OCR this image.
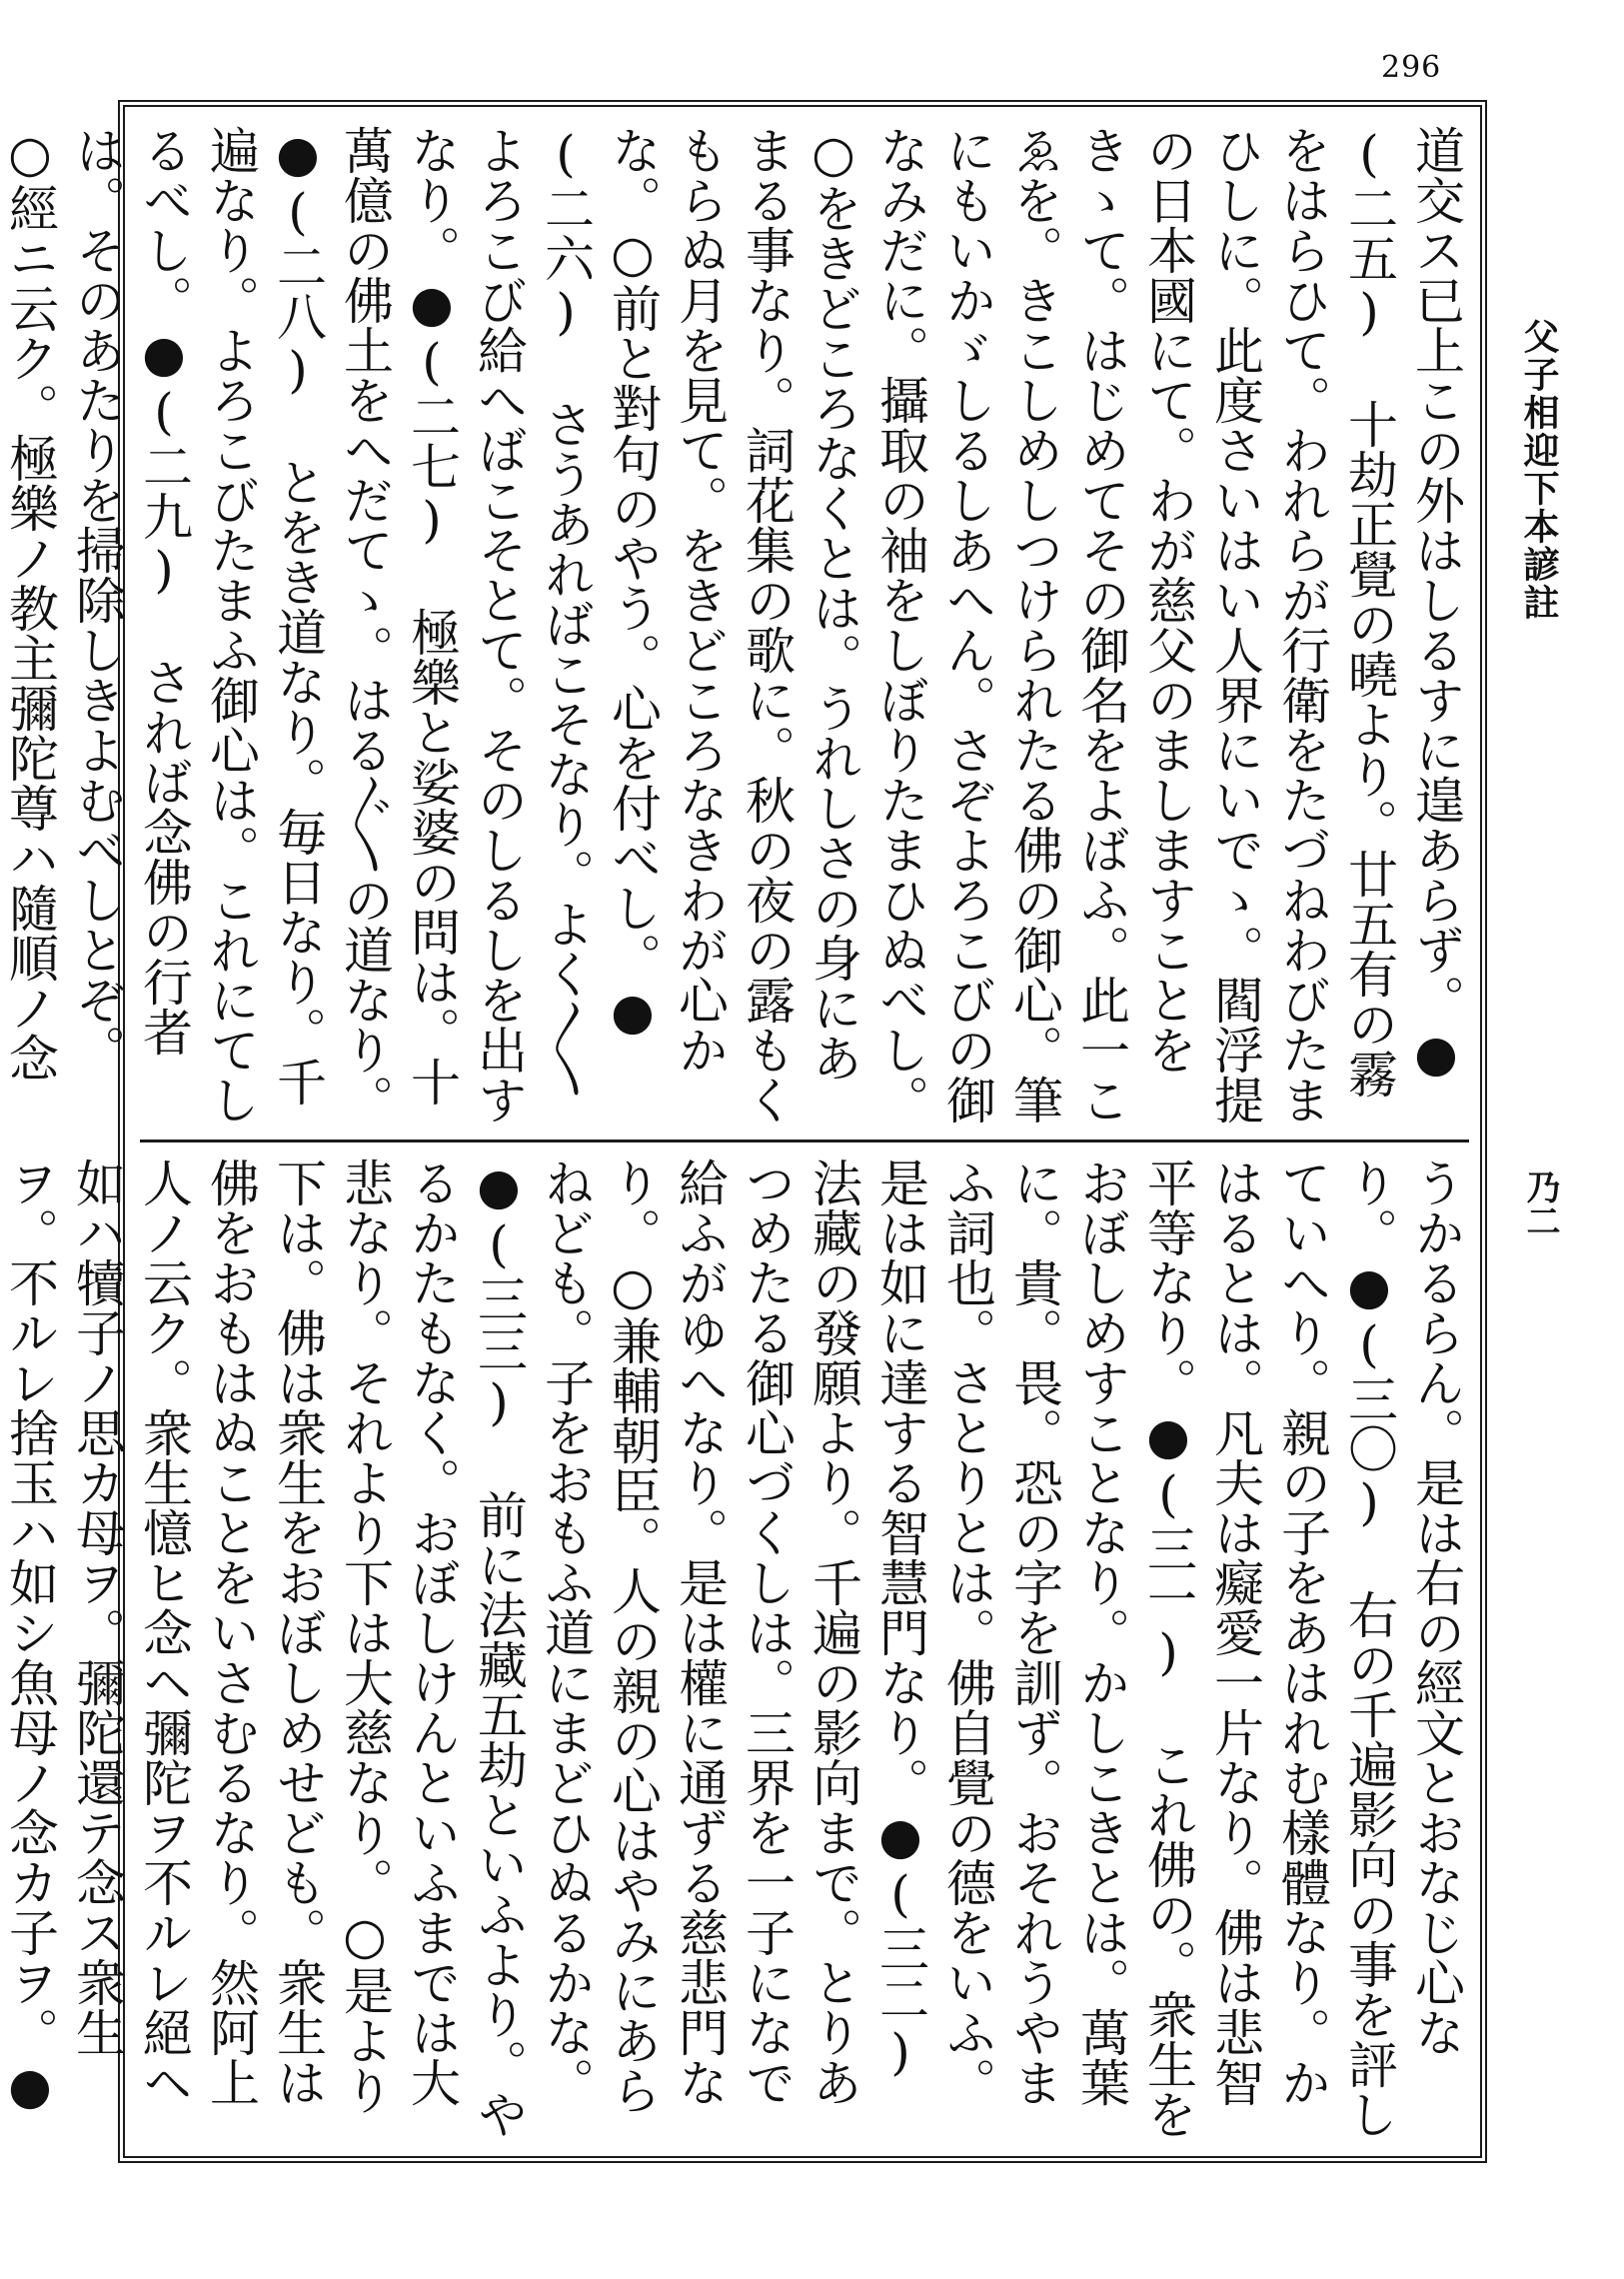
296
父子相迎下本諺註
道交ス已上この外はしるすに遑あらず。●(二五) 十劫正覺の曉より。廿五有の霧をはらひて。われらが行衛をたづねわびたまひしに。此度さいはい人界にいでゝ。閻浮提の日本國にて。わが慈父のましますことをきゝて。はじめてその御名をよばふ。此一こゑを。きこしめしつけられたる佛の御心。筆にもいかゞしるしあへん。さぞよろこびの御なみだに。攝取の袖をしぼりたまひぬべし。○をきどころなくとは。うれしさの身にあまる事なり。詞花集の歌に。秋の夜の露もくもらぬ月を見て。をきどころなきわが心かな。○前と對句のやう。心を付べし。●(二六) さうあればこそなり。よく〳〵よろこび給へばこそとて。そのしるしを出すなり。●(二七) 極樂と娑婆の問は。十萬億の佛土をへだてゝ。はる〴〵の道なり。●(二八) とをき道なり。毎日なり。千遍なり。よろこびたまふ御心は。これにてしるべし。●(二九) されば念佛の行者は。そのあたりを掃除しきよむべしとぞ。○經ニ云ク。極樂ノ教主彌陀尊ハ隨順ノ念
うかるらん。是は右の經文とおなじ心なり。●(三〇) 右の千遍影向の事を評していへり。親の子をあはれむ樣體なり。かはるとは。凡夫は癡愛一片なり。佛は悲智平等なり。●(三一) これ佛の。衆生をおぼしめすことなり。かしこきとは。萬葉に。貴。畏。恐の字を訓ず。おそれうやまふ詞也。さとりとは。佛自覺の德をいふ。是は如に達する智慧門なり。●(三二) 法藏の發願より。千遍の影向まで。とりあつめたる御心づくしは。三界を一子になで給ふがゆへなり。是は權に通ずる慈悲門なり。○兼輔朝臣。人の親の心はやみにあらねども。子をおもふ道にまどひぬるかな。●(三三) 前に法藏五劫といふより。やるかたもなく。おぼしけんといふまでは大悲なり。それより下は大慈なり。○是より下は。佛は衆生をおぼしめせども。衆生は佛をおもはぬことをいさむるなり。然阿上人ノ云ク。衆生憶ヒ念ヘ彌陀ヲ不ルレ絕ヘ如ハ犢子ノ思カ母ヲ。彌陀還テ念ス衆生ヲ。不ルレ捨玉ハ如シ魚母ノ念カ子ヲ。●
乃二
